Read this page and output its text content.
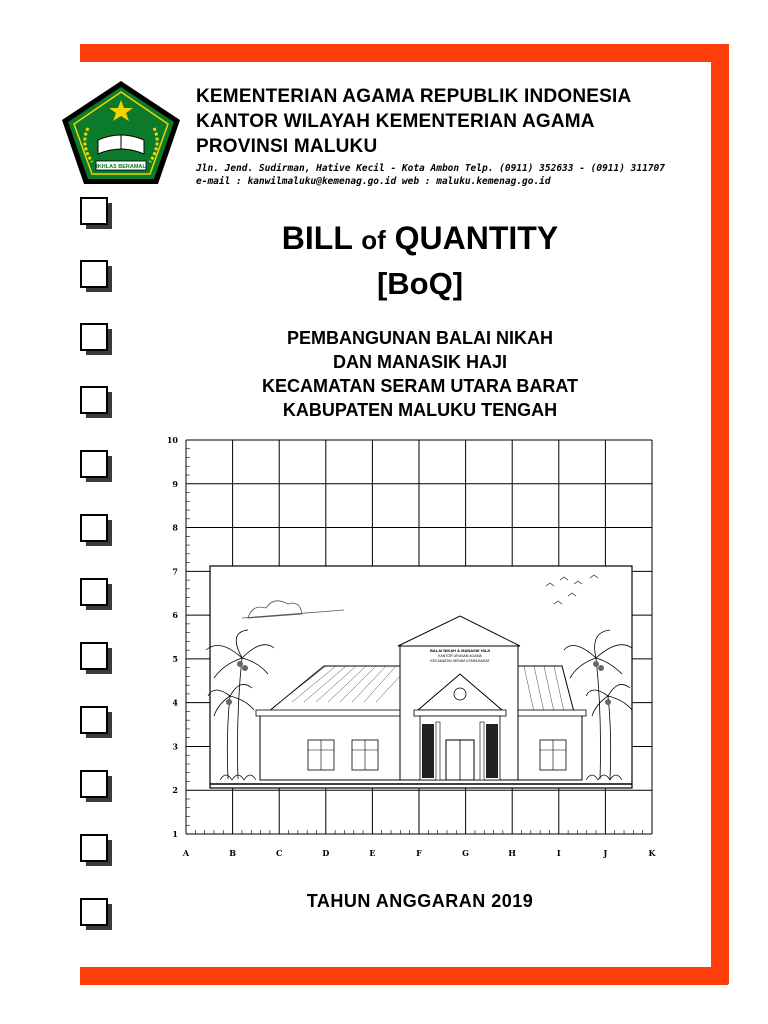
IKHLAS BERAMAL
KEMENTERIAN AGAMA REPUBLIK INDONESIA
KANTOR WILAYAH KEMENTERIAN AGAMA
PROVINSI MALUKU
Jln. Jend. Sudirman, Hative Kecil - Kota Ambon Telp. (0911) 352633 - (0911) 311707
e-mail : kanwilmaluku@kemenag.go.id web : maluku.kemenag.go.id
BILL of QUANTITY
[BoQ]
PEMBANGUNAN BALAI NIKAH
DAN MANASIK HAJI
KECAMATAN SERAM UTARA BARAT
KABUPATEN MALUKU TENGAH
1
2
3
4
5
6
7
8
9
10
A	B	C	D	E	F	G	H	I	J	K
BALAI NIKAH & MANASIK HAJI
KANTOR URUSAN AGAMA
KECAMATAN SERAM UTARA BARAT
TAHUN ANGGARAN 2019
